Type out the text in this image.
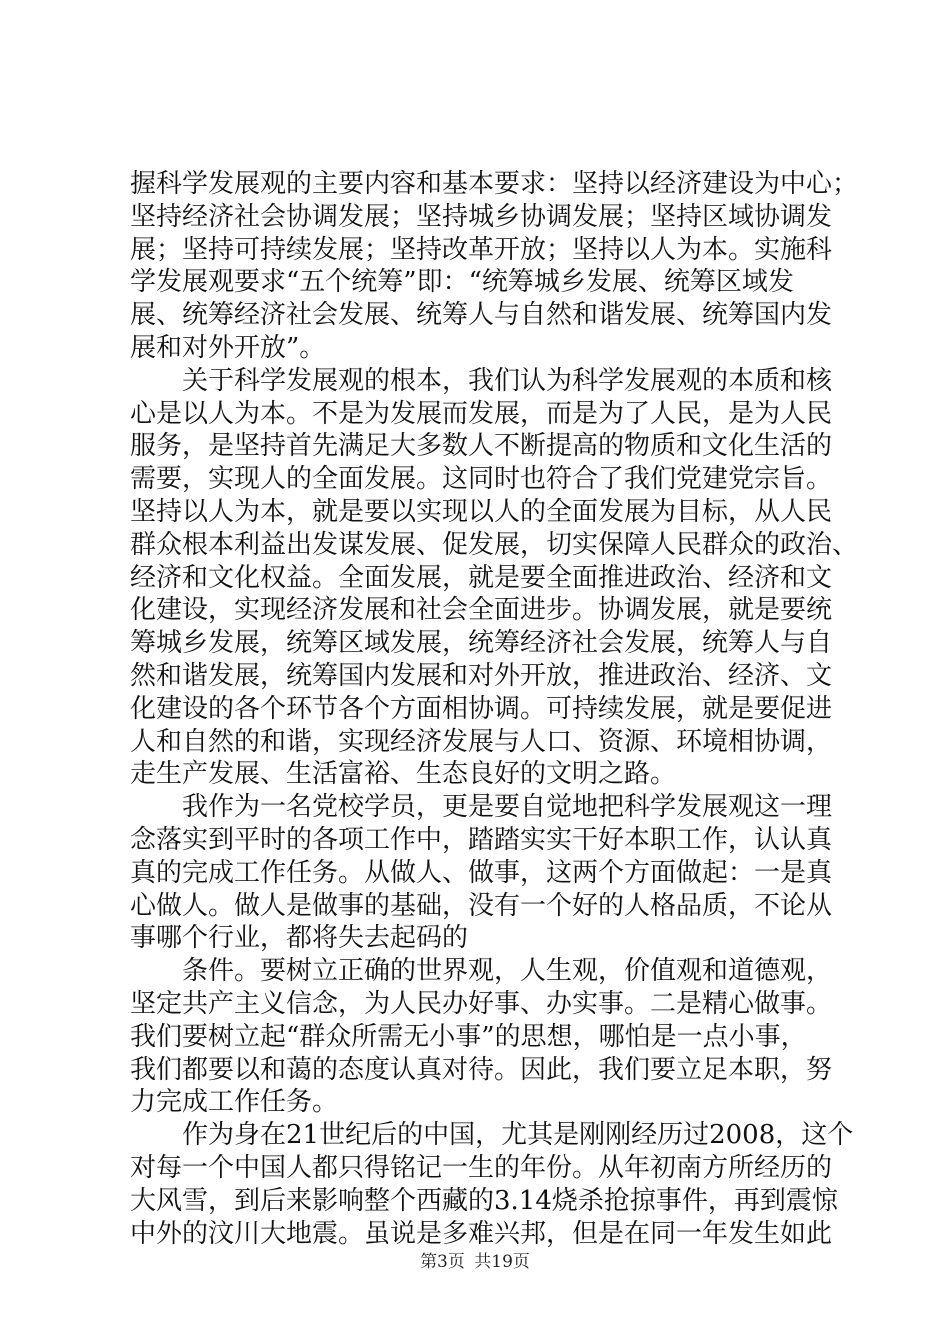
握科学发展观的主要内容和基本要求：坚持以经济建设为中心；
坚持经济社会协调发展；坚持城乡协调发展；坚持区域协调发
展；坚持可持续发展；坚持改革开放；坚持以人为本。实施科
学发展观要求“五个统筹”即：“统筹城乡发展、统筹区域发
展、统筹经济社会发展、统筹人与自然和谐发展、统筹国内发
展和对外开放”。
关于科学发展观的根本，我们认为科学发展观的本质和核
心是以人为本。不是为发展而发展，而是为了人民，是为人民
服务，是坚持首先满足大多数人不断提高的物质和文化生活的
需要，实现人的全面发展。这同时也符合了我们党建党宗旨。
坚持以人为本，就是要以实现以人的全面发展为目标，从人民
群众根本利益出发谋发展、促发展，切实保障人民群众的政治、
经济和文化权益。全面发展，就是要全面推进政治、经济和文
化建设，实现经济发展和社会全面进步。协调发展，就是要统
筹城乡发展，统筹区域发展，统筹经济社会发展，统筹人与自
然和谐发展，统筹国内发展和对外开放，推进政治、经济、文
化建设的各个环节各个方面相协调。可持续发展，就是要促进
人和自然的和谐，实现经济发展与人口、资源、环境相协调，
走生产发展、生活富裕、生态良好的文明之路。
我作为一名党校学员，更是要自觉地把科学发展观这一理
念落实到平时的各项工作中，踏踏实实干好本职工作，认认真
真的完成工作任务。从做人、做事，这两个方面做起：一是真
心做人。做人是做事的基础，没有一个好的人格品质，不论从
事哪个行业，都将失去起码的
条件。要树立正确的世界观，人生观，价值观和道德观，
坚定共产主义信念，为人民办好事、办实事。二是精心做事。
我们要树立起“群众所需无小事”的思想，哪怕是一点小事，
我们都要以和蔼的态度认真对待。因此，我们要立足本职，努
力完成工作任务。
作为身在21世纪后的中国，尤其是刚刚经历过2008，这个
对每一个中国人都只得铭记一生的年份。从年初南方所经历的
大风雪，到后来影响整个西藏的3.14烧杀抢掠事件，再到震惊
中外的汶川大地震。虽说是多难兴邦，但是在同一年发生如此
第3页 共19页
